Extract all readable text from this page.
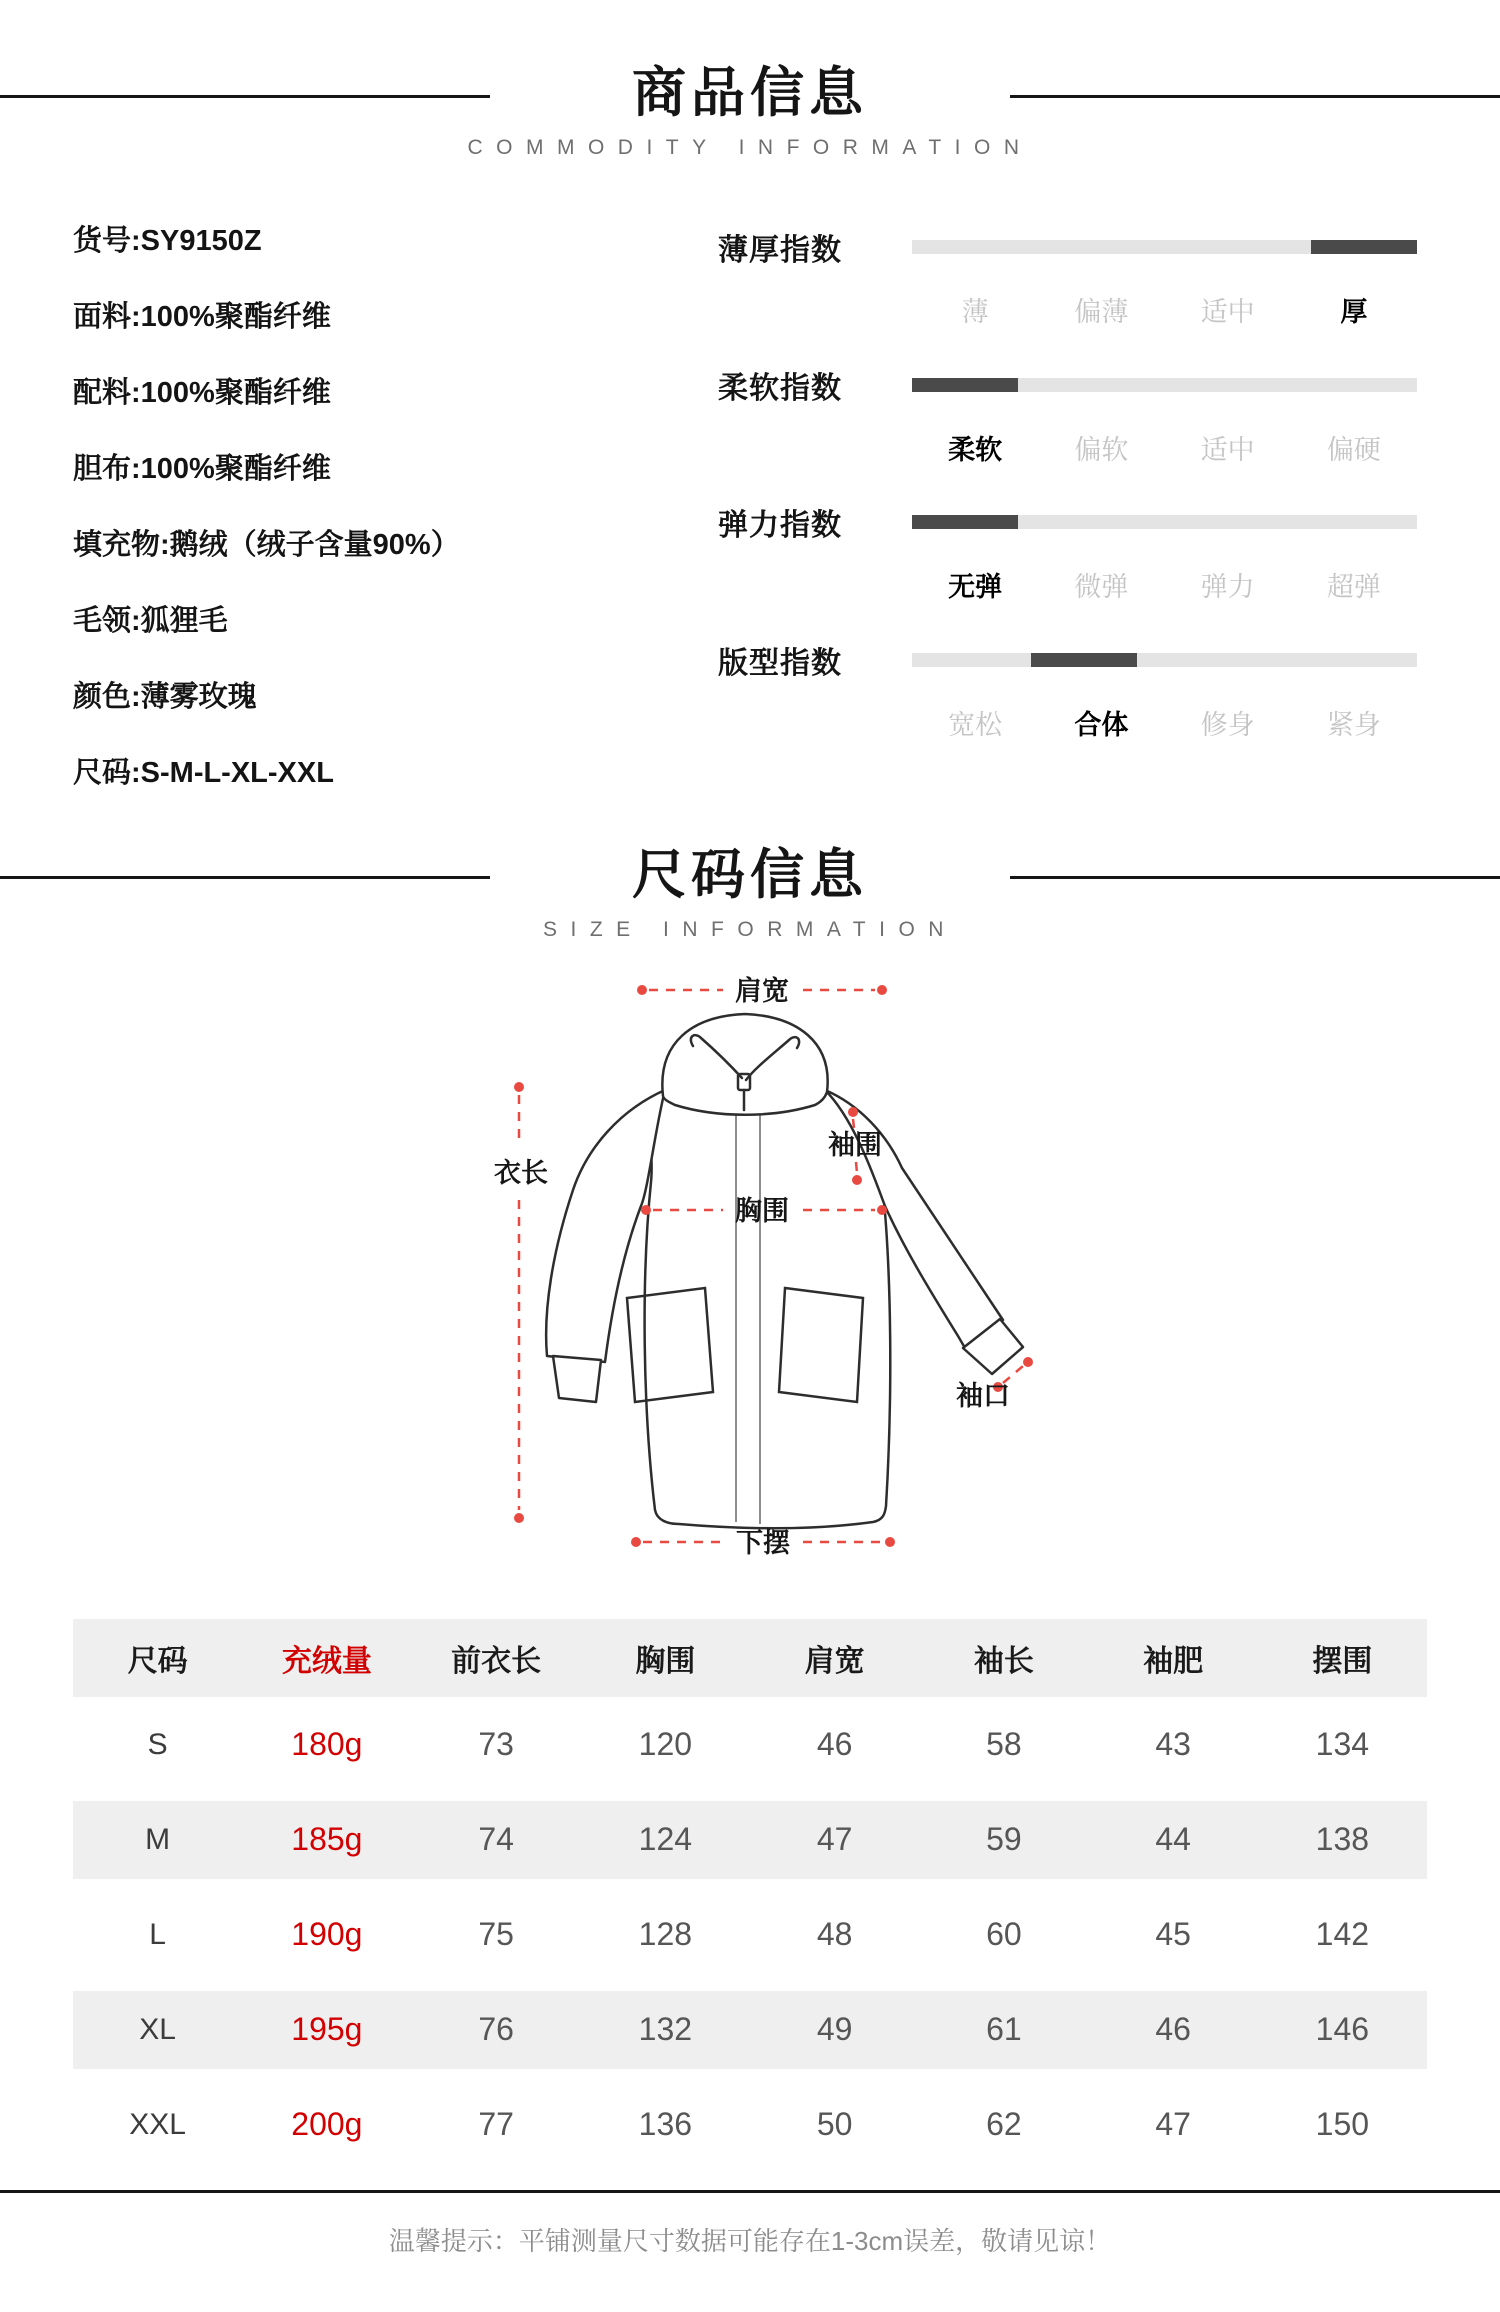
商品信息
COMMODITY INFORMATION
货号:SY9150Z
面料:100%聚酯纤维
配料:100%聚酯纤维
胆布:100%聚酯纤维
填充物:鹅绒（绒子含量90%）
毛领:狐狸毛
颜色:薄雾玫瑰
尺码:S-M-L-XL-XXL
薄厚指数
薄	偏薄	适中	厚
柔软指数
柔软	偏软	适中	偏硬
弹力指数
无弹	微弹	弹力	超弹
版型指数
宽松	合体	修身	紧身
尺码信息
SIZE INFORMATION
肩宽
衣长
袖围
胸围
袖口
下摆
尺码	充绒量	前衣长	胸围	肩宽	袖长	袖肥	摆围
S	180g	73	120	46	58	43	134
M	185g	74	124	47	59	44	138
L	190g	75	128	48	60	45	142
XL	195g	76	132	49	61	46	146
XXL	200g	77	136	50	62	47	150
温馨提示：平铺测量尺寸数据可能存在1-3cm误差，敬请见谅！
